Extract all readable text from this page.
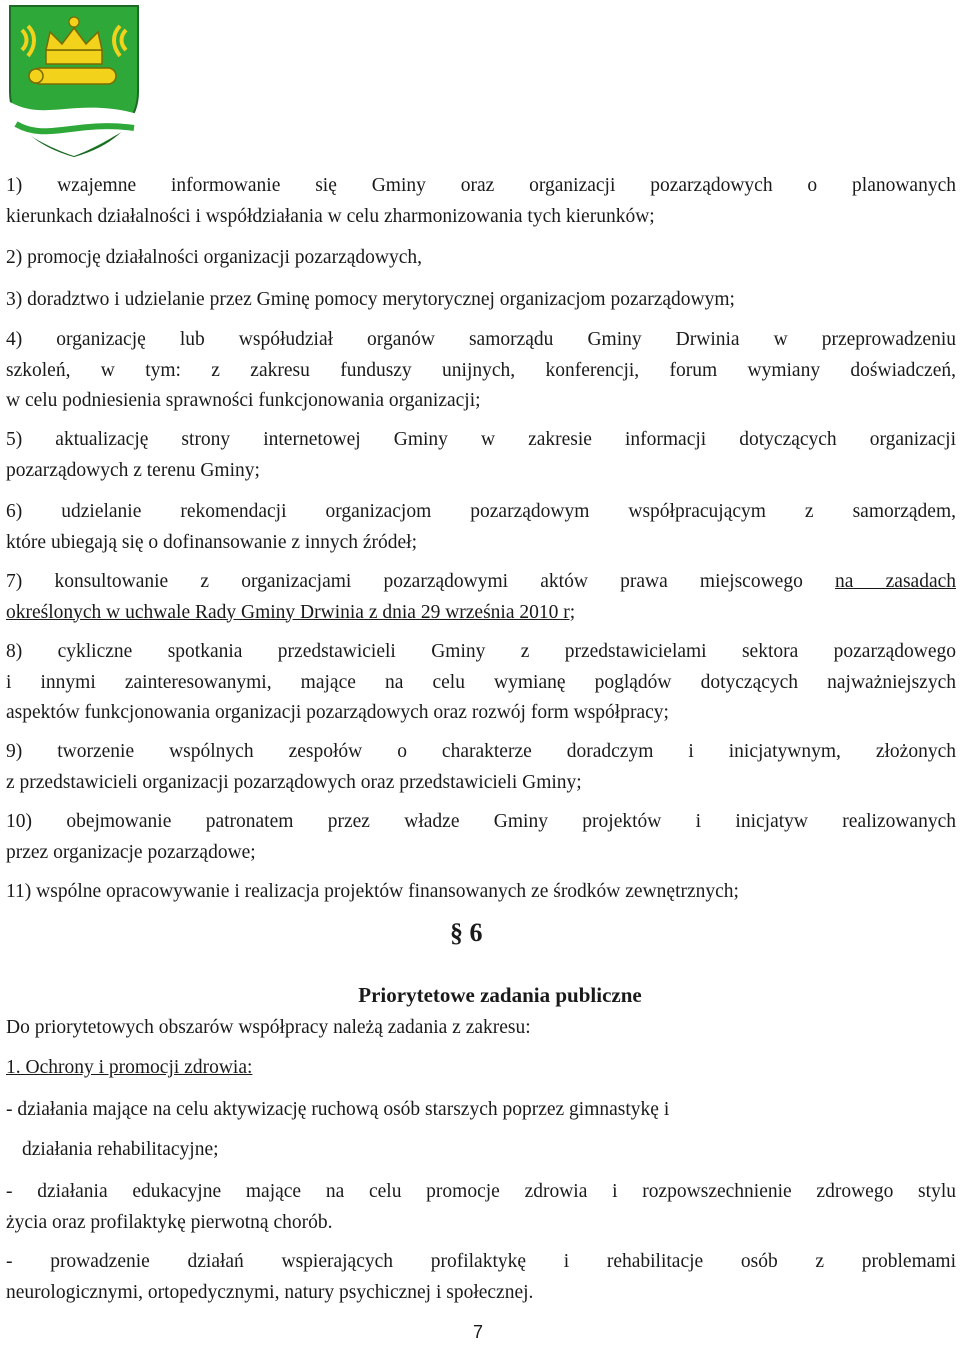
1) wzajemne informowanie się Gminy oraz organizacji pozarządowych o planowanych
kierunkach działalności i współdziałania w celu zharmonizowania tych kierunków;
2) promocję działalności organizacji pozarządowych,
3) doradztwo i udzielanie przez Gminę pomocy merytorycznej organizacjom pozarządowym;
4) organizację lub współudział organów samorządu Gminy Drwinia w przeprowadzeniu
szkoleń, w tym: z zakresu funduszy unijnych, konferencji, forum wymiany doświadczeń,
w celu podniesienia sprawności funkcjonowania organizacji;
5) aktualizację strony internetowej Gminy w zakresie informacji dotyczących organizacji
pozarządowych z terenu Gminy;
6) udzielanie rekomendacji organizacjom pozarządowym współpracującym z samorządem,
które ubiegają się o dofinansowanie z innych źródeł;
7) konsultowanie z organizacjami pozarządowymi aktów prawa miejscowego na zasadach
określonych w uchwale Rady Gminy Drwinia z dnia 29 września 2010 r;
8) cykliczne spotkania przedstawicieli Gminy z przedstawicielami sektora pozarządowego
i innymi zainteresowanymi, mające na celu wymianę poglądów dotyczących najważniejszych
aspektów funkcjonowania organizacji pozarządowych oraz rozwój form współpracy;
9) tworzenie wspólnych zespołów o charakterze doradczym i inicjatywnym, złożonych
z przedstawicieli organizacji pozarządowych oraz przedstawicieli Gminy;
10) obejmowanie patronatem przez władze Gminy projektów i inicjatyw realizowanych
przez organizacje pozarządowe;
11) wspólne opracowywanie i realizacja projektów finansowanych ze środków zewnętrznych;
§ 6
Priorytetowe zadania publiczne
Do priorytetowych obszarów współpracy należą zadania z zakresu:
1. Ochrony i promocji zdrowia:
- działania mające na celu aktywizację ruchową osób starszych poprzez gimnastykę i
działania rehabilitacyjne;
- działania edukacyjne mające na celu promocje zdrowia i rozpowszechnienie zdrowego stylu
życia oraz profilaktykę pierwotną chorób.
- prowadzenie działań wspierających profilaktykę i rehabilitacje osób z problemami
neurologicznymi, ortopedycznymi, natury psychicznej i społecznej.
7
